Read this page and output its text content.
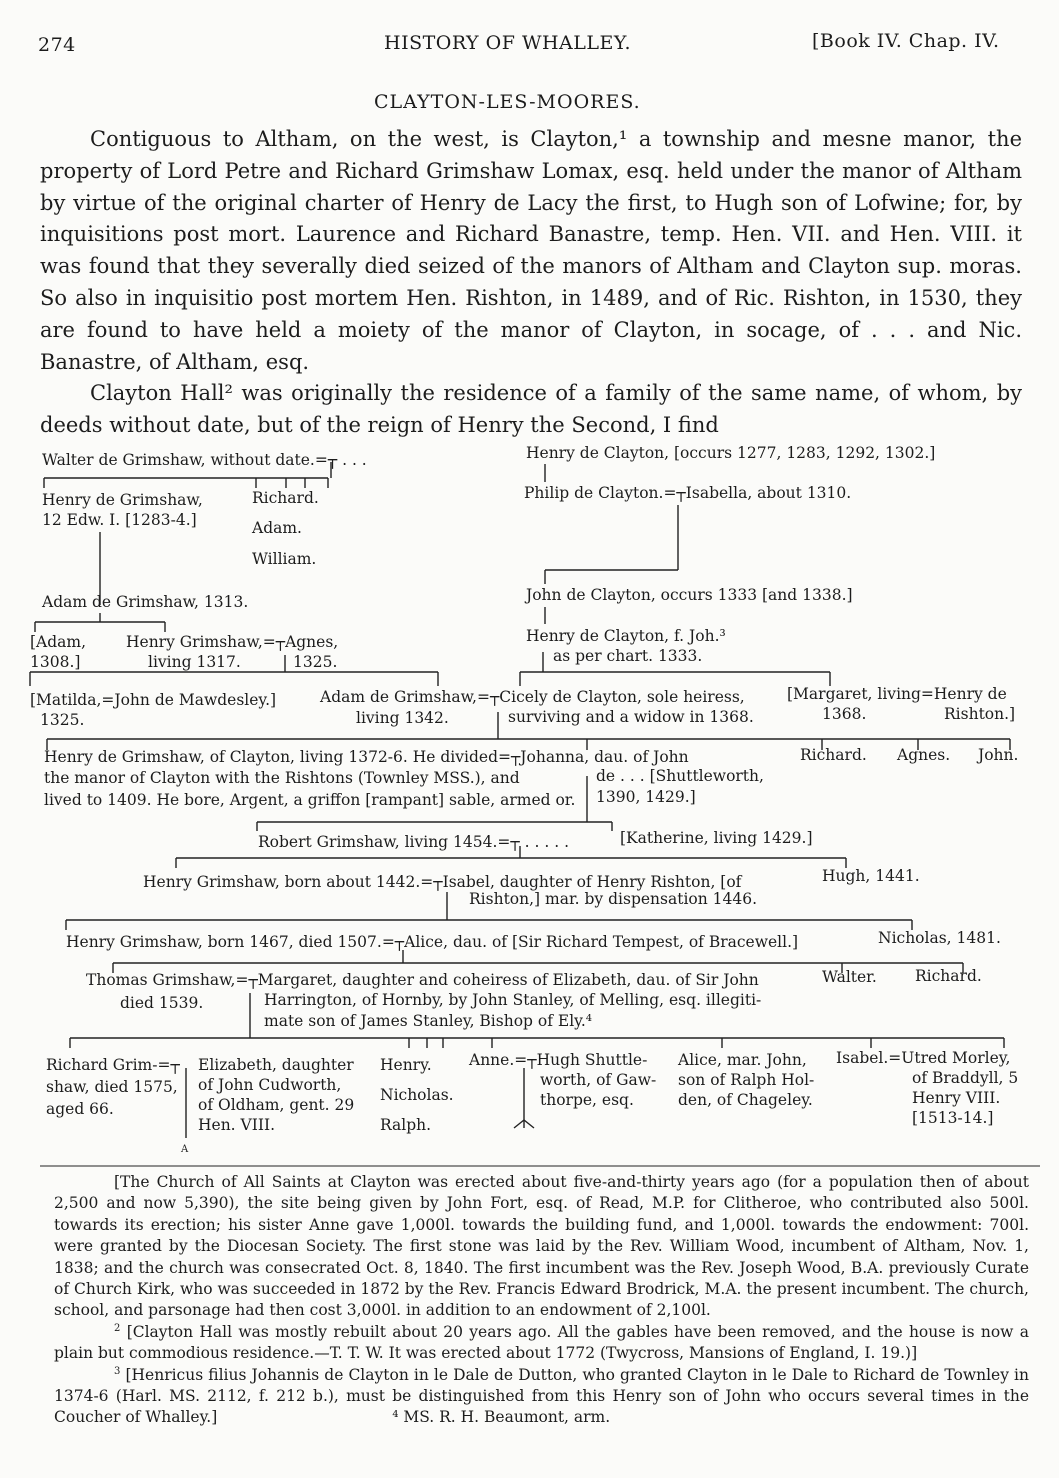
274	HISTORY OF WHALLEY.	[Book IV. Chap. IV.
CLAYTON-LES-MOORES.

Contiguous to Altham, on the west, is Clayton,¹ a township and mesne manor, the property of Lord Petre and Richard Grimshaw Lomax, esq. held under the manor of Altham by virtue of the original charter of Henry de Lacy the first, to Hugh son of Lofwine; for, by inquisitions post mort. Laurence and Richard Banastre, temp. Hen. VII. and Hen. VIII. it was found that they severally died seized of the manors of Altham and Clayton sup. moras. So also in inquisitio post mortem Hen. Rishton, in 1489, and of Ric. Rishton, in 1530, they are found to have held a moiety of the manor of Clayton, in socage, of . . . and Nic. Banastre, of Altham, esq.

Clayton Hall² was originally the residence of a family of the same name, of whom, by deeds without date, but of the reign of Henry the Second, I find

Walter de Grimshaw, without date.=┬ . . .	Henry de Clayton, [occurs 1277, 1283, 1292, 1302.]
Henry de Grimshaw,
12 Edw. I. [1283-4.]
Richard.
Adam.
William.
Philip de Clayton.=┬Isabella, about 1310.
Adam de Grimshaw, 1313.	John de Clayton, occurs 1333 [and 1338.]
[Adam,
1308.]
Henry Grimshaw,=┬Agnes,
living 1317.	1325.
Henry de Clayton, f. Joh.³
as per chart. 1333.
[Matilda,=John de Mawdesley.]
1325.
Adam de Grimshaw,=┬Cicely de Clayton, sole heiress,
living 1342.	surviving and a widow in 1368.
[Margaret, living=Henry de
1368.	Rishton.]
Henry de Grimshaw, of Clayton, living 1372-6. He divided=┬Johanna, dau. of John
the manor of Clayton with the Rishtons (Townley MSS.), and
lived to 1409. He bore, Argent, a griffon [rampant] sable, armed or.
de . . . [Shuttleworth,
1390, 1429.]
Richard. Agnes. John.
Robert Grimshaw, living 1454.=┬ . . . . .	[Katherine, living 1429.]
Henry Grimshaw, born about 1442.=┬Isabel, daughter of Henry Rishton, [of
Rishton,] mar. by dispensation 1446.
Hugh, 1441.
Henry Grimshaw, born 1467, died 1507.=┬Alice, dau. of [Sir Richard Tempest, of Bracewell.]	Nicholas, 1481.
Thomas Grimshaw,=┬Margaret, daughter and coheiress of Elizabeth, dau. of Sir John
died 1539.	Harrington, of Hornby, by John Stanley, of Melling, esq. illegiti-
mate son of James Stanley, Bishop of Ely.⁴
Walter. Richard.
Richard Grim-=┬
shaw, died 1575,
aged 66.
Elizabeth, daughter
of John Cudworth,
of Oldham, gent. 29
Hen. VIII.
A
Henry.
Nicholas.
Ralph.
Anne.=┬Hugh Shuttle-
worth, of Gaw-
thorpe, esq.
Alice, mar. John,
son of Ralph Hol-
den, of Chageley.
Isabel.=Utred Morley,
of Braddyll, 5
Henry VIII.
[1513-14.]

[The Church of All Saints at Clayton was erected about five-and-thirty years ago (for a population then of about 2,500 and now 5,390), the site being given by John Fort, esq. of Read, M.P. for Clitheroe, who contributed also 500l. towards its erection; his sister Anne gave 1,000l. towards the building fund, and 1,000l. towards the endowment: 700l. were granted by the Diocesan Society. The first stone was laid by the Rev. William Wood, incumbent of Altham, Nov. 1, 1838; and the church was consecrated Oct. 8, 1840. The first incumbent was the Rev. Joseph Wood, B.A. previously Curate of Church Kirk, who was succeeded in 1872 by the Rev. Francis Edward Brodrick, M.A. the present incumbent. The church, school, and parsonage had then cost 3,000l. in addition to an endowment of 2,100l.

$^2$ [Clayton Hall was mostly rebuilt about 20 years ago. All the gables have been removed, and the house is now a plain but commodious residence.—T. T. W. It was erected about 1772 (Twycross, Mansions of England, I. 19.)]

$^3$ [Henricus filius Johannis de Clayton in le Dale de Dutton, who granted Clayton in le Dale to Richard de Townley in 1374-6 (Harl. MS. 2112, f. 212 b.), must be distinguished from this Henry son of John who occurs several times in the Coucher of Whalley.]	⁴ MS. R. H. Beaumont, arm.
